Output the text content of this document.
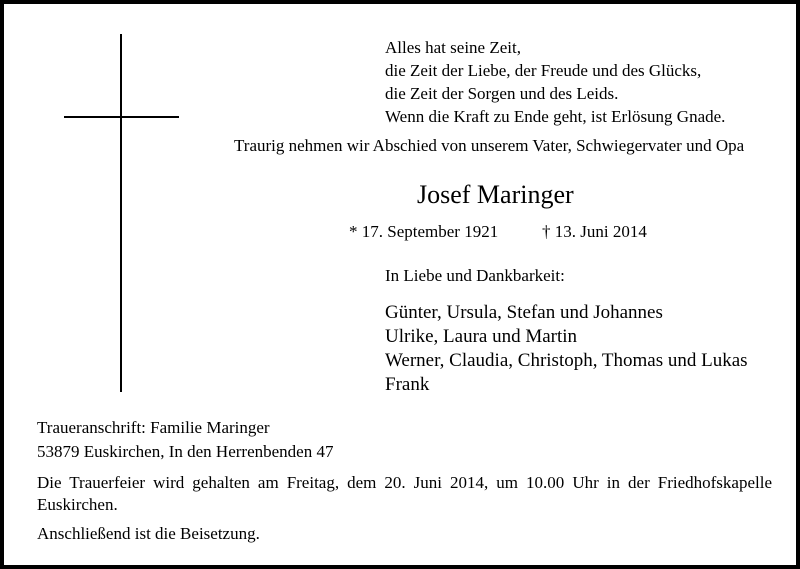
Alles hat seine Zeit,
die Zeit der Liebe, der Freude und des Glücks,
die Zeit der Sorgen und des Leids.
Wenn die Kraft zu Ende geht, ist Erlösung Gnade.
Traurig nehmen wir Abschied von unserem Vater, Schwiegervater und Opa
Josef Maringer
* 17. September 1921	† 13. Juni 2014
In Liebe und Dankbarkeit:
Günter, Ursula, Stefan und Johannes
Ulrike, Laura und Martin
Werner, Claudia, Christoph, Thomas und Lukas
Frank
Traueranschrift: Familie Maringer
53879 Euskirchen, In den Herrenbenden 47
Die Trauerfeier wird gehalten am Freitag, dem 20. Juni 2014, um 10.00 Uhr in der Friedhofskapelle Euskirchen.
Anschließend ist die Beisetzung.
